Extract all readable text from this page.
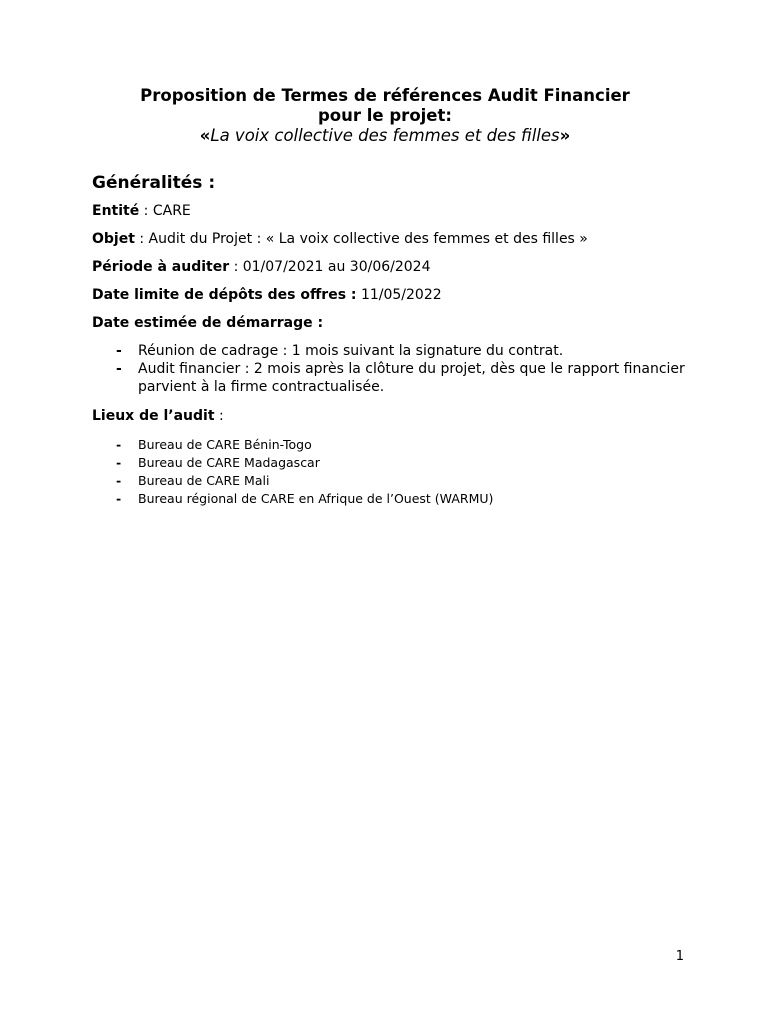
Proposition de Termes de références Audit Financier
pour le projet:
«La voix collective des femmes et des filles»
Généralités :
Entité : CARE
Objet : Audit du Projet : « La voix collective des femmes et des filles »
Période à auditer : 01/07/2021 au 30/06/2024
Date limite de dépôts des offres : 11/05/2022
Date estimée de démarrage :
- Réunion de cadrage : 1 mois suivant la signature du contrat.
- Audit financier : 2 mois après la clôture du projet, dès que le rapport financier parvient à la firme contractualisée.
Lieux de l’audit :
- Bureau de CARE Bénin-Togo
- Bureau de CARE Madagascar
- Bureau de CARE Mali
- Bureau régional de CARE en Afrique de l’Ouest (WARMU)
1
